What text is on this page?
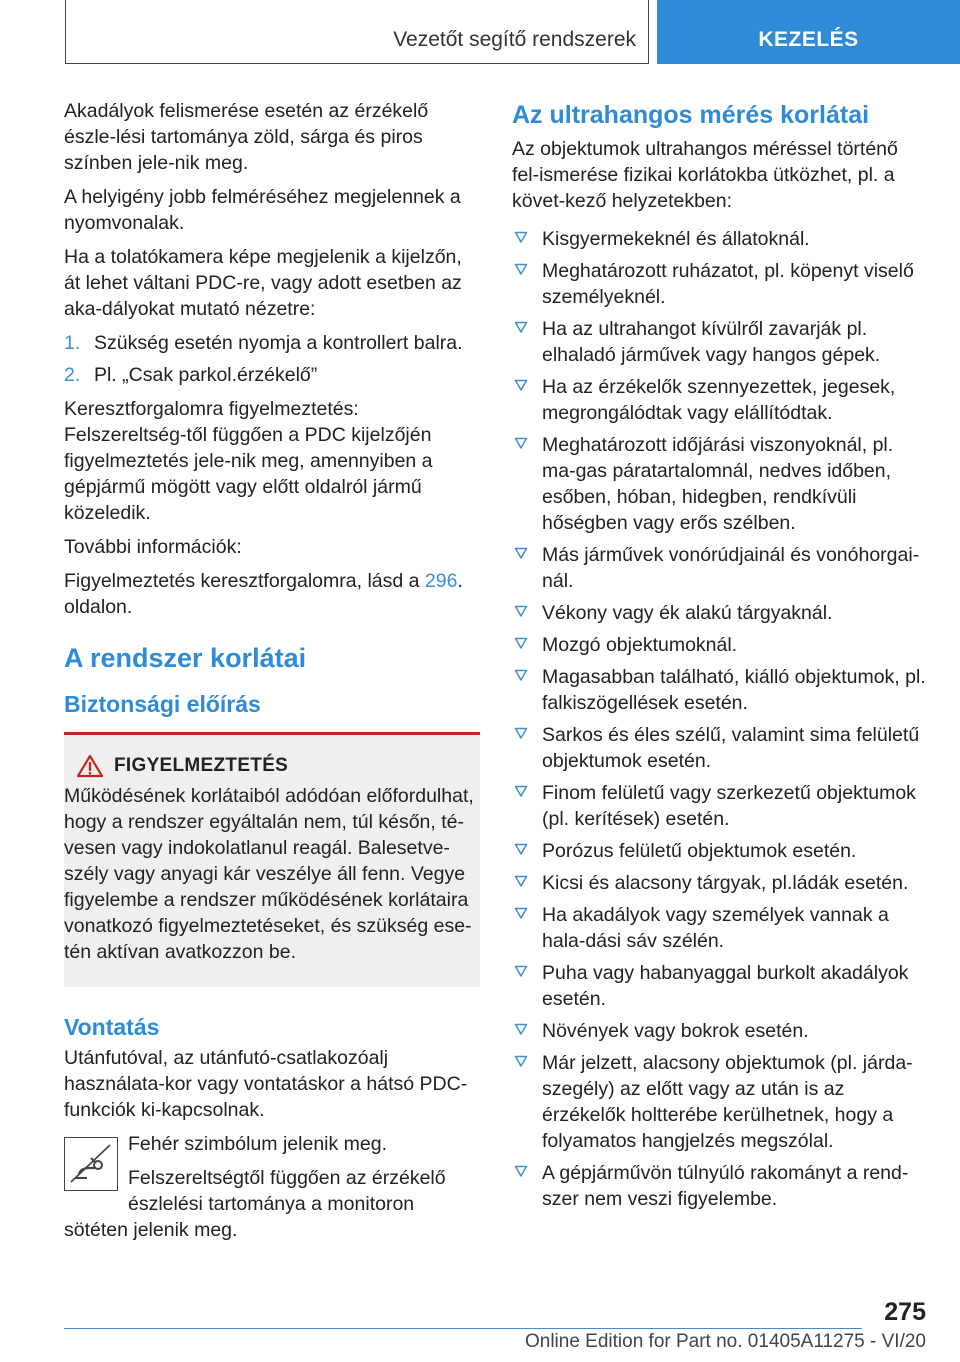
Vezetőt segítő rendszerek	KEZELÉS

Akadályok felismerése esetén az érzékelő észle-lési tartománya zöld, sárga és piros színben jele-nik meg.

A helyigény jobb felméréséhez megjelennek a nyomvonalak.

Ha a tolatókamera képe megjelenik a kijelzőn, át lehet váltani PDC-re, vagy adott esetben az aka-dályokat mutató nézetre:

1. Szükség esetén nyomja a kontrollert balra.
2. Pl. „Csak parkol.érzékelő”

Keresztforgalomra figyelmeztetés: Felszereltség-től függően a PDC kijelzőjén figyelmeztetés jele-nik meg, amennyiben a gépjármű mögött vagy előtt oldalról jármű közeledik.

További információk:

Figyelmeztetés keresztforgalomra, lásd a 296. oldalon.

A rendszer korlátai
Biztonsági előírás
FIGYELMEZTETÉS
Működésének korlátaiból adódóan előfordulhat, hogy a rendszer egyáltalán nem, túl későn, té-vesen vagy indokolatlanul reagál. Balesetve-szély vagy anyagi kár veszélye áll fenn. Vegye figyelembe a rendszer működésének korlátaira vonatkozó figyelmeztetéseket, és szükség ese-tén aktívan avatkozzon be.
Vontatás

Utánfutóval, az utánfutó-csatlakozóalj használata-kor vagy vontatáskor a hátsó PDC-funkciók ki-kapcsolnak.

Fehér szimbólum jelenik meg.

Felszereltségtől függően az érzékelő észlelési tartománya a monitoron sötéten jelenik meg.

Az ultrahangos mérés korlátai

Az objektumok ultrahangos méréssel történő fel-ismerése fizikai korlátokba ütközhet, pl. a követ-kező helyzetekben:

Kisgyermekeknél és állatoknál.
Meghatározott ruházatot, pl. köpenyt viselő személyeknél.
Ha az ultrahangot kívülről zavarják pl. elhaladó járművek vagy hangos gépek.
Ha az érzékelők szennyezettek, jegesek, megrongálódtak vagy elállítódtak.
Meghatározott időjárási viszonyoknál, pl. ma-gas páratartalomnál, nedves időben, esőben, hóban, hidegben, rendkívüli hőségben vagy erős szélben.
Más járművek vonórúdjainál és vonóhorgai-nál.
Vékony vagy ék alakú tárgyaknál.
Mozgó objektumoknál.
Magasabban található, kiálló objektumok, pl. falkiszögellések esetén.
Sarkos és éles szélű, valamint sima felületű objektumok esetén.
Finom felületű vagy szerkezetű objektumok (pl. kerítések) esetén.
Porózus felületű objektumok esetén.
Kicsi és alacsony tárgyak, pl.ládák esetén.
Ha akadályok vagy személyek vannak a hala-dási sáv szélén.
Puha vagy habanyaggal burkolt akadályok esetén.
Növények vagy bokrok esetén.
Már jelzett, alacsony objektumok (pl. járda-szegély) az előtt vagy az után is az érzékelők holtterébe kerülhetnek, hogy a folyamatos hangjelzés megszólal.
A gépjárművön túlnyúló rakományt a rend-szer nem veszi figyelembe.
275
Online Edition for Part no. 01405A11275 - VI/20
